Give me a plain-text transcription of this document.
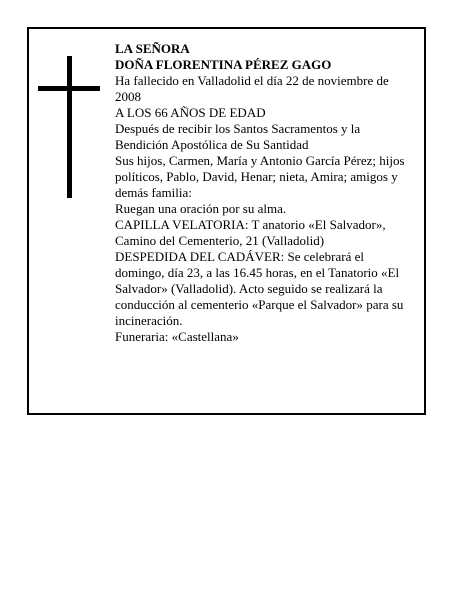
LA SEÑORA

DOÑA FLORENTINA PÉREZ GAGO

Ha fallecido en Valladolid el día 22 de noviembre de 2008

A LOS 66 AÑOS DE EDAD

Después de recibir los Santos Sacramentos y la Bendición Apostólica de Su Santidad

Sus hijos, Carmen, María y Antonio García Pérez; hijos políticos, Pablo, David, Henar; nieta, Amira; amigos y demás familia:

Ruegan una oración por su alma.

CAPILLA VELATORIA: T anatorio «El Salvador», Camino del Cementerio, 21 (Valladolid)

DESPEDIDA DEL CADÁVER: Se celebrará el domingo, día 23, a las 16.45 horas, en el Tanatorio «El Salvador» (Valladolid). Acto seguido se realizará la conducción al cementerio «Parque el Salvador» para su incineración.

Funeraria: «Castellana»
